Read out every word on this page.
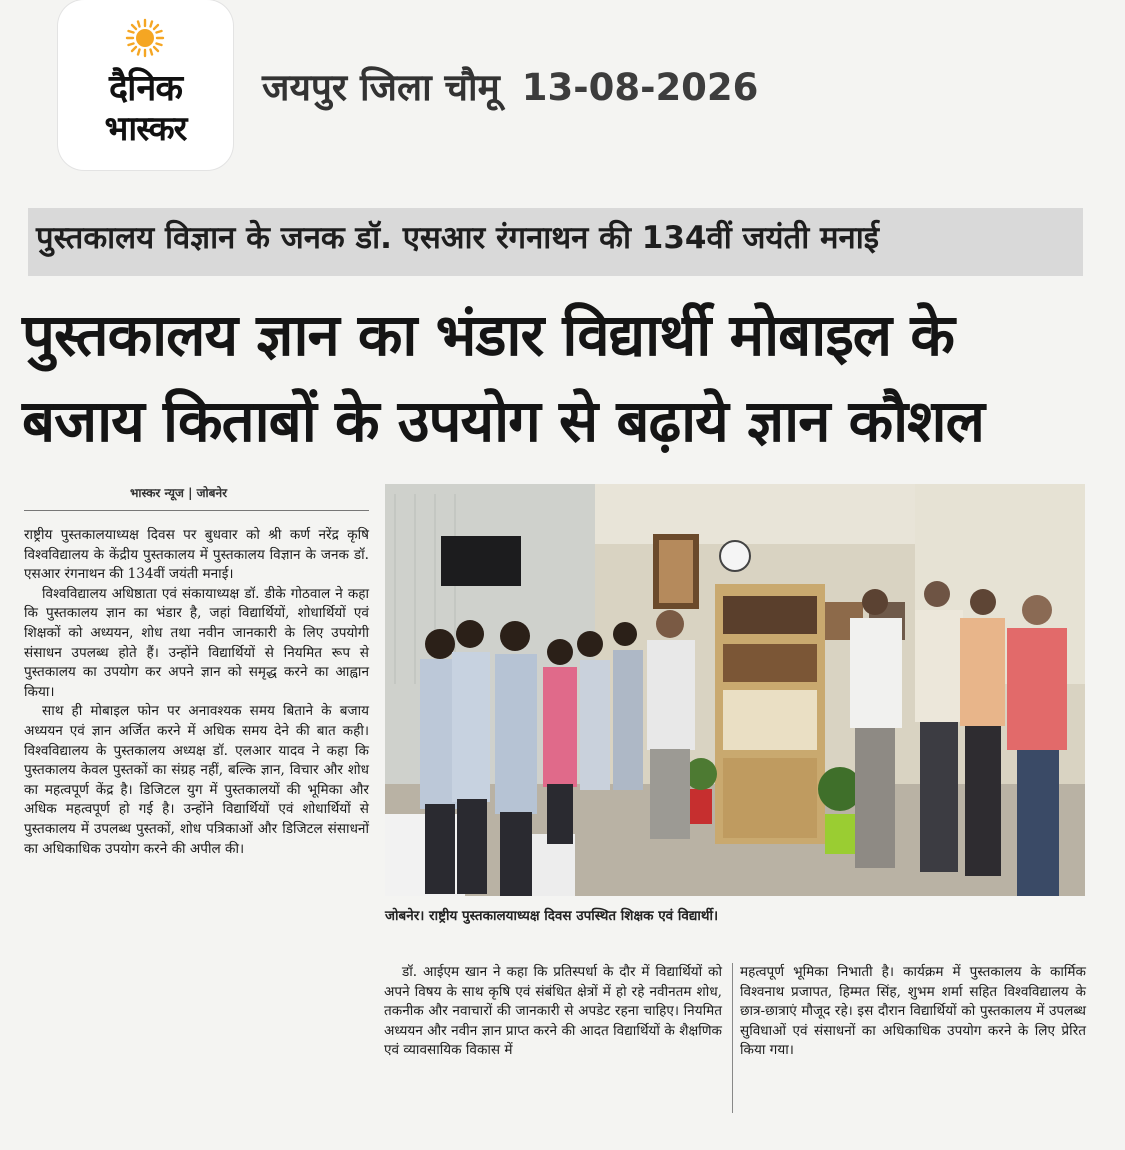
दैनिक
भास्कर
जयपुर जिला चौमू 13-08-2026
पुस्तकालय विज्ञान के जनक डॉ. एसआर रंगनाथन की 134वीं जयंती मनाई
पुस्तकालय ज्ञान का भंडार विद्यार्थी मोबाइल के
बजाय किताबों के उपयोग से बढ़ाये ज्ञान कौशल
भास्कर न्यूज | जोबनेर

राष्ट्रीय पुस्तकालयाध्यक्ष दिवस पर बुधवार को श्री कर्ण नरेंद्र कृषि विश्वविद्यालय के केंद्रीय पुस्तकालय में पुस्तकालय विज्ञान के जनक डॉ. एसआर रंगनाथन की 134वीं जयंती मनाई।

विश्वविद्यालय अधिष्ठाता एवं संकायाध्यक्ष डॉ. डीके गोठवाल ने कहा कि पुस्तकालय ज्ञान का भंडार है, जहां विद्यार्थियों, शोधार्थियों एवं शिक्षकों को अध्ययन, शोध तथा नवीन जानकारी के लिए उपयोगी संसाधन उपलब्ध होते हैं। उन्होंने विद्यार्थियों से नियमित रूप से पुस्तकालय का उपयोग कर अपने ज्ञान को समृद्ध करने का आह्वान किया।

साथ ही मोबाइल फोन पर अनावश्यक समय बिताने के बजाय अध्ययन एवं ज्ञान अर्जित करने में अधिक समय देने की बात कही। विश्वविद्यालय के पुस्तकालय अध्यक्ष डॉ. एलआर यादव ने कहा कि पुस्तकालय केवल पुस्तकों का संग्रह नहीं, बल्कि ज्ञान, विचार और शोध का महत्वपूर्ण केंद्र है। डिजिटल युग में पुस्तकालयों की भूमिका और अधिक महत्वपूर्ण हो गई है। उन्होंने विद्यार्थियों एवं शोधार्थियों से पुस्तकालय में उपलब्ध पुस्तकों, शोध पत्रिकाओं और डिजिटल संसाधनों का अधिकाधिक उपयोग करने की अपील की।

जोबनेर। राष्ट्रीय पुस्तकालयाध्यक्ष दिवस उपस्थित शिक्षक एवं विद्यार्थी।

डॉ. आईएम खान ने कहा कि प्रतिस्पर्धा के दौर में विद्यार्थियों को अपने विषय के साथ कृषि एवं संबंधित क्षेत्रों में हो रहे नवीनतम शोध, तकनीक और नवाचारों की जानकारी से अपडेट रहना चाहिए। नियमित अध्ययन और नवीन ज्ञान प्राप्त करने की आदत विद्यार्थियों के शैक्षणिक एवं व्यावसायिक विकास में

महत्वपूर्ण भूमिका निभाती है। कार्यक्रम में पुस्तकालय के कार्मिक विश्वनाथ प्रजापत, हिम्मत सिंह, शुभम शर्मा सहित विश्वविद्यालय के छात्र-छात्राएं मौजूद रहे। इस दौरान विद्यार्थियों को पुस्तकालय में उपलब्ध सुविधाओं एवं संसाधनों का अधिकाधिक उपयोग करने के लिए प्रेरित किया गया।
